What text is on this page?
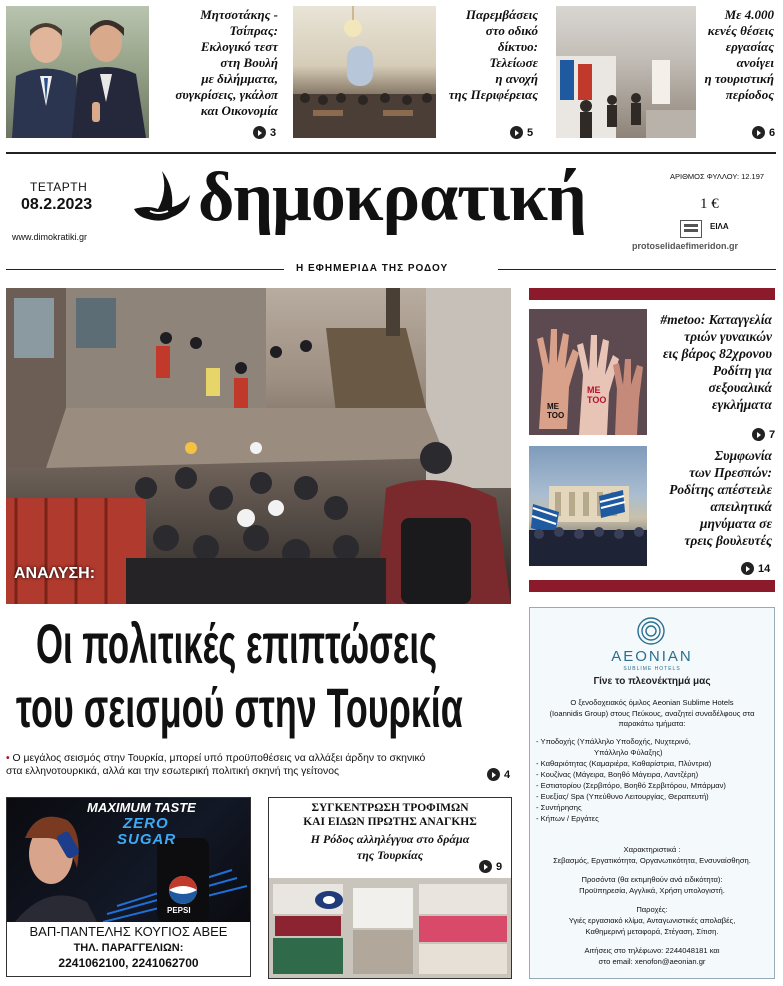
Μητσοτάκης - Τσίπρας:
Εκλογικό τεστ
στη Βουλή
με διλήμματα,
συγκρίσεις, γκάλοπ
και Οικονομία
3
Παρεμβάσεις
στο οδικό
δίκτυο:
Τελείωσε
η ανοχή
της Περιφέρειας
5
Με 4.000
κενές θέσεις
εργασίας
ανοίγει
η τουριστική
περίοδος
6
ΤΕΤΑΡΤΗ
08.2.2023
www.dimokratiki.gr
δημοκρατική	ΑΡΙΘΜΟΣ ΦΥΛΛΟΥ: 12.197
1 €
ΕΙΛΑ
protoselidaefimeridon.gr
Η ΕΦΗΜΕΡΙΔΑ ΤΗΣ ΡΟΔΟΥ
ΑΝΑΛΥΣΗ:
Οι πολιτικές επιπτώσεις
του σεισμού στην Τουρκία
• Ο μεγάλος σεισμός στην Τουρκία, μπορεί υπό προϋποθέσεις να αλλάξει άρδην το σκηνικό
στα ελληνοτουρκικά, αλλά και την εσωτερική πολιτική σκηνή της γείτονος	4
ME
TOO
ME
TOO
#metoo: Καταγγελία
τριών γυναικών
εις βάρος 82χρονου
Ροδίτη για
σεξουαλικά
εγκλήματα
7
Συμφωνία
των Πρεσπών:
Ροδίτης απέστειλε
απειλητικά
μηνύματα σε
τρεις βουλευτές
14
AEONIAN
SUBLIME HOTELS
Γίνε το πλεονέκτημά μας
Ο ξενοδοχειακός όμιλος Aeonian Sublime Hotels
(Ioannidis Group) στους Πεύκους, αναζητεί συναδέλφους στα
παρακάτω τμήματα:
- Υποδοχής (Υπάλληλο Υποδοχής, Νυχτερινό,
Υπάλληλο Φύλαξης)
- Καθαριότητας (Καμαριέρα, Καθαρίστρια, Πλύντρια)
- Κουζίνας (Μάγειρα, Βοηθό Μάγειρα, Λαντζέρη)
- Εστιατορίου (Σερβιτόρο, Βοηθό Σερβιτόρου, Μπάρμαν)
- Ευεξίας/ Spa (Υπεύθυνο Λειτουργίας, Θεραπευτή)
- Συντήρησης
- Κήπων / Εργάτες
Χαρακτηριστικά :
Σεβασμός, Εργατικότητα, Οργανωτικότητα, Ενσυναίσθηση.
Προσόντα (θα εκτιμηθούν ανά ειδικότητα):
Προϋπηρεσία, Αγγλικά, Χρήση υπολογιστή.
Παροχές:
Υγιές εργασιακό κλίμα, Ανταγωνιστικές απολαβές,
Καθημερινή μεταφορά, Στέγαση, Σίτιση.
Αιτήσεις στο τηλέφωνο: 2244048181 και
στο email: xenofon@aeonian.gr
MAXIMUM TASTE
ZERO
SUGAR
PEPSI
ΒΑΠ-ΠΑΝΤΕΛΗΣ ΚΟΥΓΙΟΣ ΑΒΕΕ
ΤΗΛ. ΠΑΡΑΓΓΕΛΙΩΝ:
2241062100, 2241062700
ΣΥΓΚΕΝΤΡΩΣΗ ΤΡΟΦΙΜΩΝ
ΚΑΙ ΕΙΔΩΝ ΠΡΩΤΗΣ ΑΝΑΓΚΗΣ
Η Ρόδος αλληλέγγυα στο δράμα
της Τουρκίας
9
